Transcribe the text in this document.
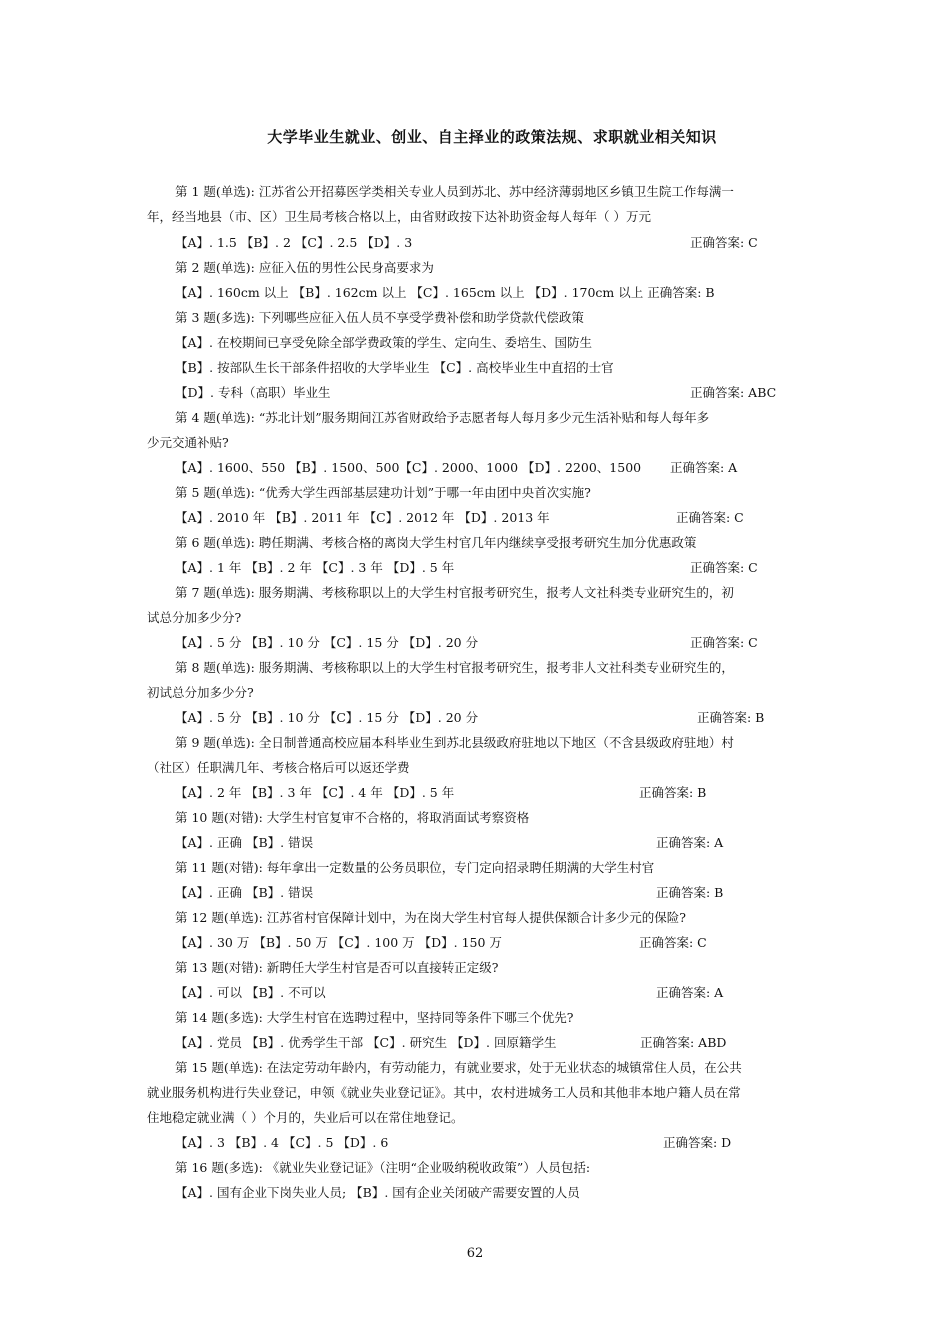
大学毕业生就业、创业、自主择业的政策法规、求职就业相关知识
第 1 题(单选): 江苏省公开招募医学类相关专业人员到苏北、苏中经济薄弱地区乡镇卫生院工作每满一
年，经当地县（市、区）卫生局考核合格以上，由省财政按下达补助资金每人每年（ ）万元
【A】. 1.5 【B】. 2 【C】. 2.5 【D】. 3
第 2 题(单选): 应征入伍的男性公民身高要求为
【A】. 160cm 以上 【B】. 162cm 以上 【C】. 165cm 以上 【D】. 170cm 以上 正确答案: B
第 3 题(多选): 下列哪些应征入伍人员不享受学费补偿和助学贷款代偿政策
【A】. 在校期间已享受免除全部学费政策的学生、定向生、委培生、国防生
【B】. 按部队生长干部条件招收的大学毕业生 【C】. 高校毕业生中直招的士官
【D】. 专科（高职）毕业生
第 4 题(单选): “苏北计划”服务期间江苏省财政给予志愿者每人每月多少元生活补贴和每人每年多
少元交通补贴?
【A】. 1600、550 【B】. 1500、500【C】. 2000、1000 【D】. 2200、1500
第 5 题(单选): “优秀大学生西部基层建功计划”于哪一年由团中央首次实施?
【A】. 2010 年 【B】. 2011 年 【C】. 2012 年 【D】. 2013 年
第 6 题(单选): 聘任期满、考核合格的离岗大学生村官几年内继续享受报考研究生加分优惠政策
【A】. 1 年 【B】. 2 年 【C】. 3 年 【D】. 5 年
第 7 题(单选): 服务期满、考核称职以上的大学生村官报考研究生，报考人文社科类专业研究生的，初
试总分加多少分?
【A】. 5 分 【B】. 10 分 【C】. 15 分 【D】. 20 分
第 8 题(单选): 服务期满、考核称职以上的大学生村官报考研究生，报考非人文社科类专业研究生的，
初试总分加多少分?
【A】. 5 分 【B】. 10 分 【C】. 15 分 【D】. 20 分
第 9 题(单选): 全日制普通高校应届本科毕业生到苏北县级政府驻地以下地区（不含县级政府驻地）村
（社区）任职满几年、考核合格后可以返还学费
【A】. 2 年 【B】. 3 年 【C】. 4 年 【D】. 5 年
第 10 题(对错): 大学生村官复审不合格的，将取消面试考察资格
【A】. 正确 【B】. 错误
第 11 题(对错): 每年拿出一定数量的公务员职位，专门定向招录聘任期满的大学生村官
【A】. 正确 【B】. 错误
第 12 题(单选): 江苏省村官保障计划中，为在岗大学生村官每人提供保额合计多少元的保险?
【A】. 30 万 【B】. 50 万 【C】. 100 万 【D】. 150 万
第 13 题(对错): 新聘任大学生村官是否可以直接转正定级?
【A】. 可以 【B】. 不可以
第 14 题(多选): 大学生村官在选聘过程中，坚持同等条件下哪三个优先?
【A】. 党员 【B】. 优秀学生干部 【C】. 研究生 【D】. 回原籍学生
第 15 题(单选): 在法定劳动年龄内，有劳动能力，有就业要求，处于无业状态的城镇常住人员，在公共
就业服务机构进行失业登记，申领《就业失业登记证》。其中，农村进城务工人员和其他非本地户籍人员在常
住地稳定就业满（ ）个月的，失业后可以在常住地登记。
【A】. 3 【B】. 4 【C】. 5 【D】. 6
第 16 题(多选): 《就业失业登记证》（注明“企业吸纳税收政策”）人员包括:
【A】. 国有企业下岗失业人员; 【B】. 国有企业关闭破产需要安置的人员
正确答案: C
正确答案: ABC
正确答案: A
正确答案: C
正确答案: C
正确答案: C
正确答案: B
正确答案: B
正确答案: A
正确答案: B
正确答案: C
正确答案: A
正确答案: ABD
正确答案: D
62
